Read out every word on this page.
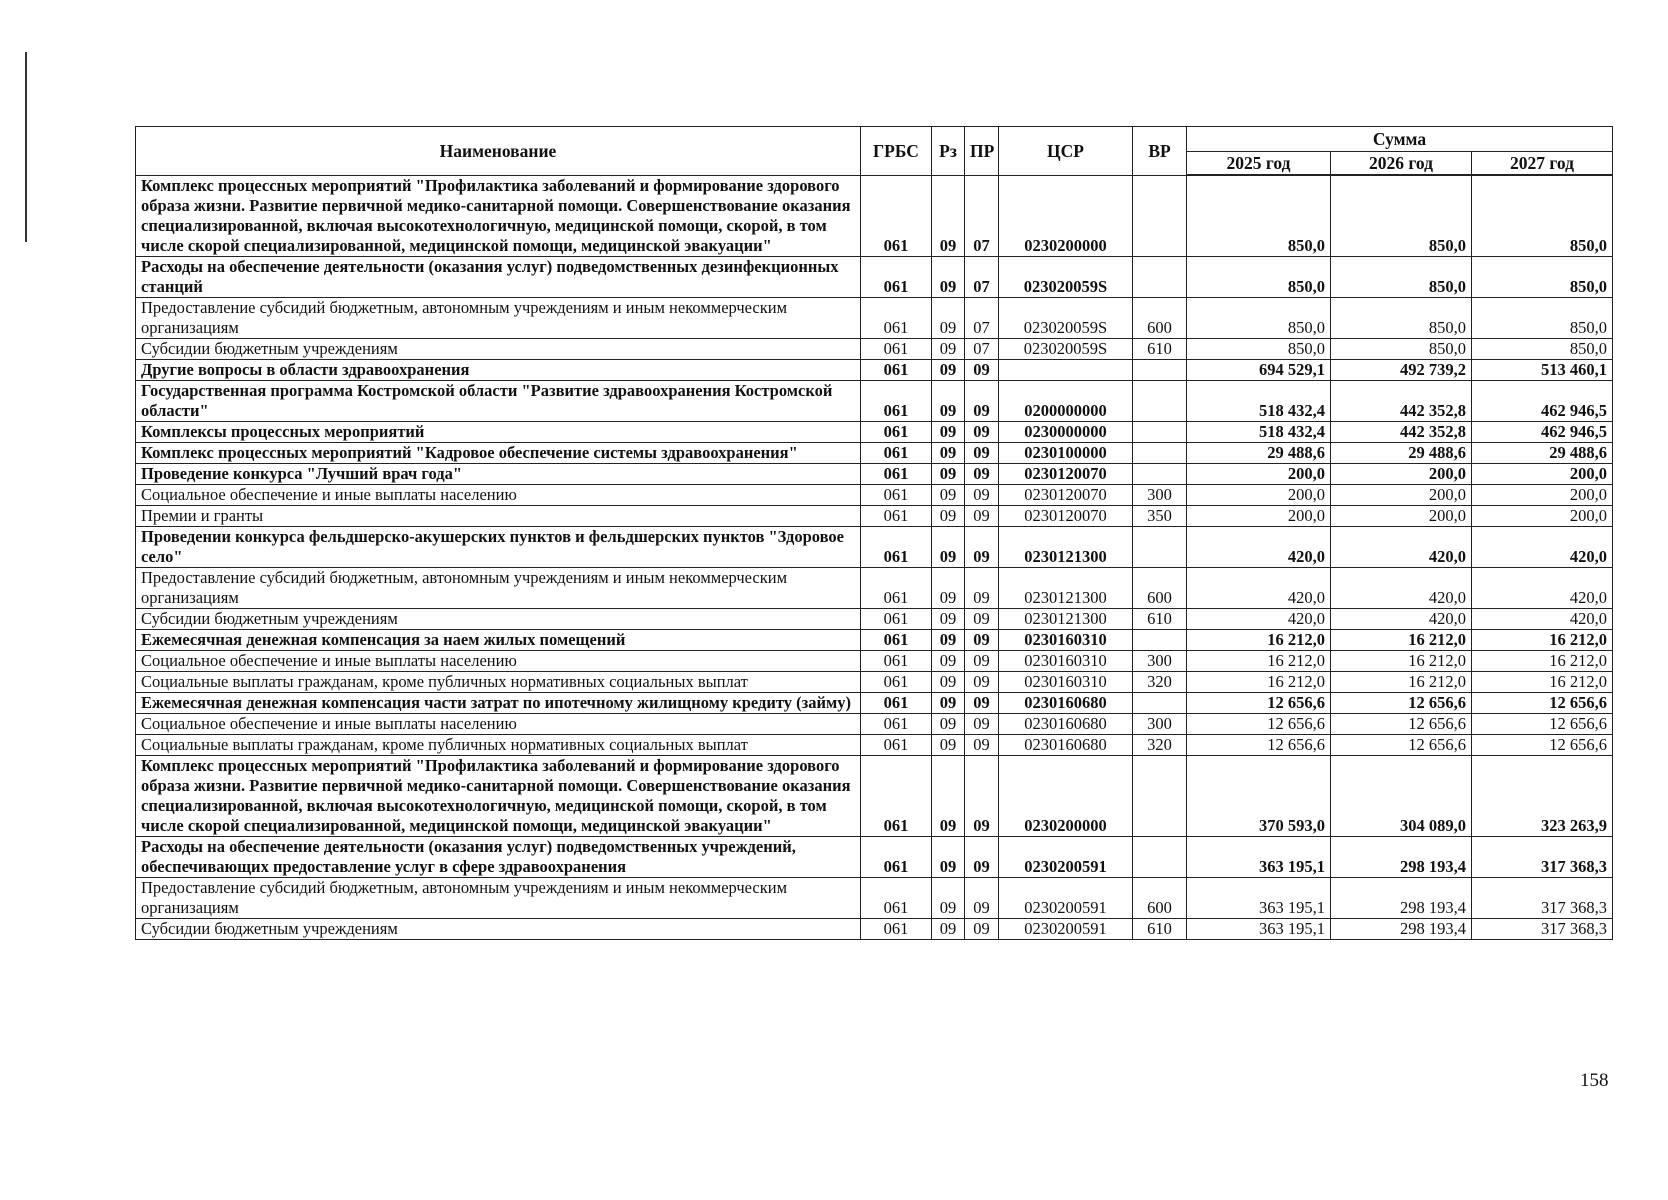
Наименование	ГРБС	Рз	ПР	ЦСР	ВР	Сумма		
						2025 год	2026 год	2027 год
Комплекс процессных мероприятий "Профилактика заболеваний и формирование здорового образа жизни. Развитие первичной медико-санитарной помощи. Совершенствование оказания специализированной, включая высокотехнологичную, медицинской помощи, скорой, в том числе скорой специализированной, медицинской помощи, медицинской эвакуации"	061	09	07	0230200000		850,0	850,0	850,0
Расходы на обеспечение деятельности (оказания услуг) подведомственных дезинфекционных станций	061	09	07	023020059S		850,0	850,0	850,0
Предоставление субсидий бюджетным, автономным учреждениям и иным некоммерческим организациям	061	09	07	023020059S	600	850,0	850,0	850,0
Субсидии бюджетным учреждениям	061	09	07	023020059S	610	850,0	850,0	850,0
Другие вопросы в области здравоохранения	061	09	09			694 529,1	492 739,2	513 460,1
Государственная программа Костромской области "Развитие здравоохранения Костромской области"	061	09	09	0200000000		518 432,4	442 352,8	462 946,5
Комплексы процессных мероприятий	061	09	09	0230000000		518 432,4	442 352,8	462 946,5
Комплекс процессных мероприятий "Кадровое обеспечение системы здравоохранения"	061	09	09	0230100000		29 488,6	29 488,6	29 488,6
Проведение конкурса "Лучший врач года"	061	09	09	0230120070		200,0	200,0	200,0
Социальное обеспечение и иные выплаты населению	061	09	09	0230120070	300	200,0	200,0	200,0
Премии и гранты	061	09	09	0230120070	350	200,0	200,0	200,0
Проведении конкурса фельдшерско-акушерских пунктов и фельдшерских пунктов "Здоровое село"	061	09	09	0230121300		420,0	420,0	420,0
Предоставление субсидий бюджетным, автономным учреждениям и иным некоммерческим организациям	061	09	09	0230121300	600	420,0	420,0	420,0
Субсидии бюджетным учреждениям	061	09	09	0230121300	610	420,0	420,0	420,0
Ежемесячная денежная компенсация за наем жилых помещений	061	09	09	0230160310		16 212,0	16 212,0	16 212,0
Социальное обеспечение и иные выплаты населению	061	09	09	0230160310	300	16 212,0	16 212,0	16 212,0
Социальные выплаты гражданам, кроме публичных нормативных социальных выплат	061	09	09	0230160310	320	16 212,0	16 212,0	16 212,0
Ежемесячная денежная компенсация части затрат по ипотечному жилищному кредиту (займу)	061	09	09	0230160680		12 656,6	12 656,6	12 656,6
Социальное обеспечение и иные выплаты населению	061	09	09	0230160680	300	12 656,6	12 656,6	12 656,6
Социальные выплаты гражданам, кроме публичных нормативных социальных выплат	061	09	09	0230160680	320	12 656,6	12 656,6	12 656,6
Комплекс процессных мероприятий "Профилактика заболеваний и формирование здорового образа жизни. Развитие первичной медико-санитарной помощи. Совершенствование оказания специализированной, включая высокотехнологичную, медицинской помощи, скорой, в том числе скорой специализированной, медицинской помощи, медицинской эвакуации"	061	09	09	0230200000		370 593,0	304 089,0	323 263,9
Расходы на обеспечение деятельности (оказания услуг) подведомственных учреждений, обеспечивающих предоставление услуг в сфере здравоохранения	061	09	09	0230200591		363 195,1	298 193,4	317 368,3
Предоставление субсидий бюджетным, автономным учреждениям и иным некоммерческим организациям	061	09	09	0230200591	600	363 195,1	298 193,4	317 368,3
Субсидии бюджетным учреждениям	061	09	09	0230200591	610	363 195,1	298 193,4	317 368,3
158
